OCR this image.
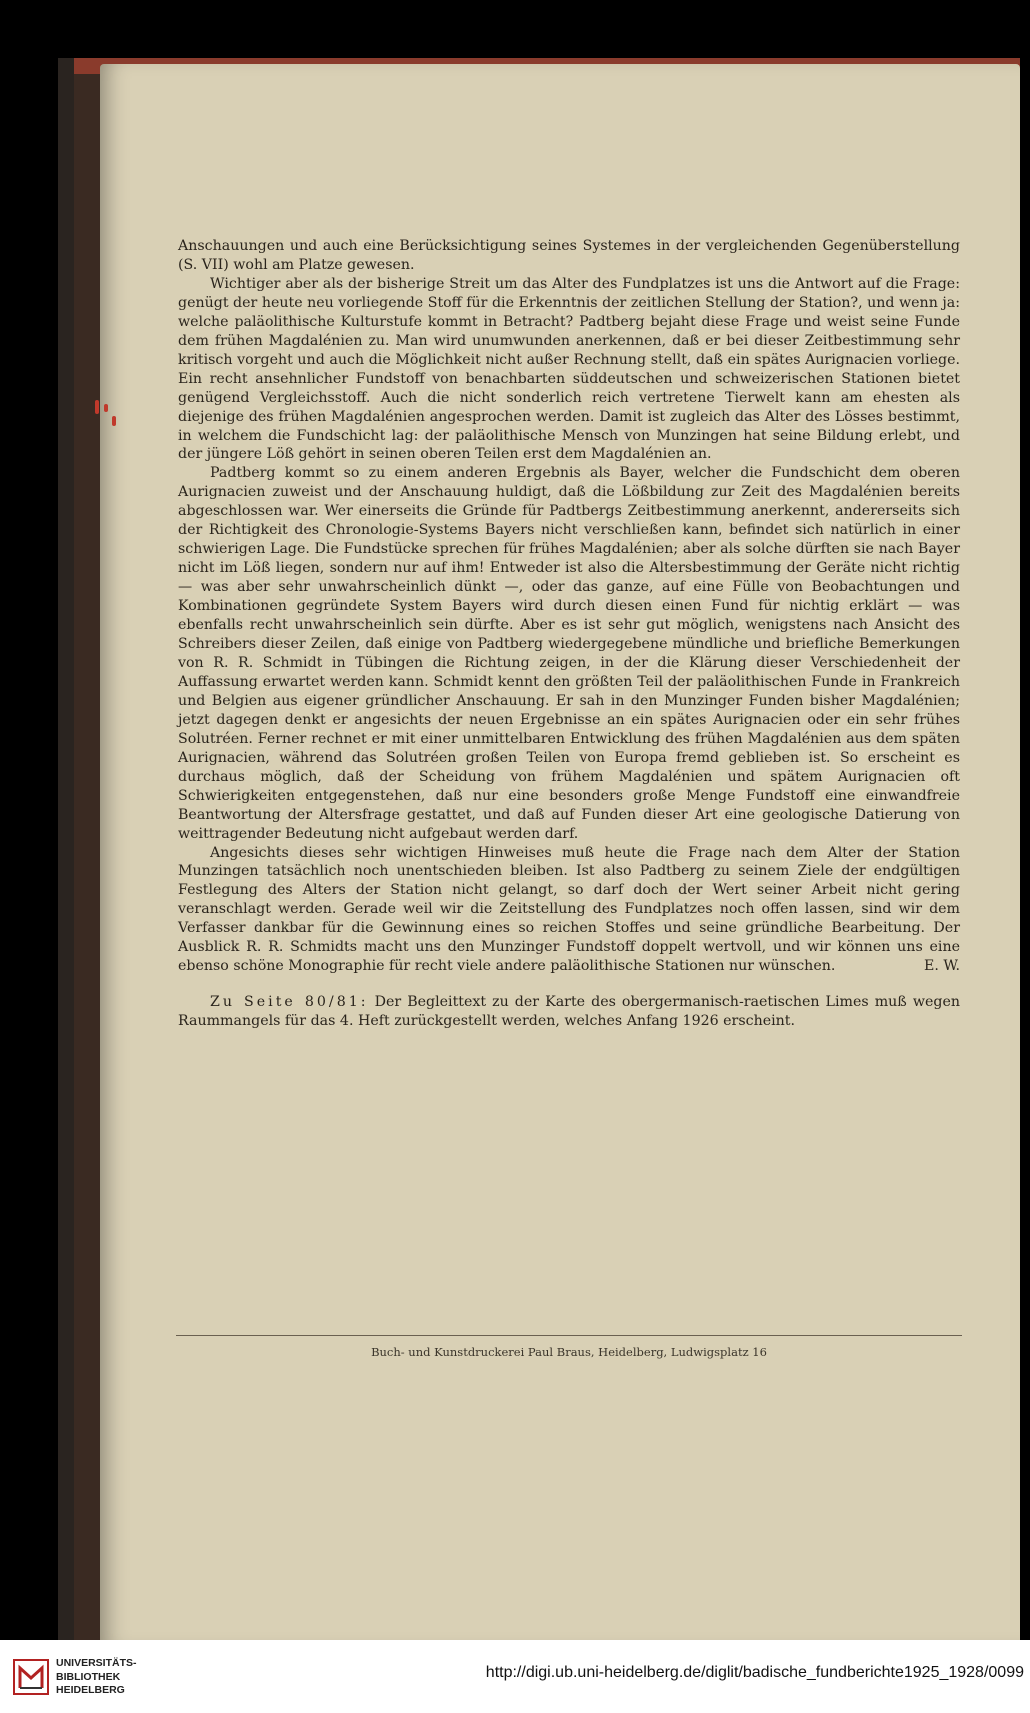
Anschauungen und auch eine Berücksichtigung seines Systemes in der vergleichenden Gegenüberstellung (S. VII) wohl am Platze gewesen.

Wichtiger aber als der bisherige Streit um das Alter des Fundplatzes ist uns die Antwort auf die Frage: genügt der heute neu vorliegende Stoff für die Erkenntnis der zeitlichen Stellung der Station?, und wenn ja: welche paläolithische Kulturstufe kommt in Betracht? Padtberg bejaht diese Frage und weist seine Funde dem frühen Magdalénien zu. Man wird unumwunden anerkennen, daß er bei dieser Zeitbestimmung sehr kritisch vorgeht und auch die Möglichkeit nicht außer Rechnung stellt, daß ein spätes Aurignacien vorliege. Ein recht ansehnlicher Fundstoff von benachbarten süddeutschen und schweizerischen Stationen bietet genügend Vergleichsstoff. Auch die nicht sonderlich reich vertretene Tierwelt kann am ehesten als diejenige des frühen Magdalénien angesprochen werden. Damit ist zugleich das Alter des Lösses bestimmt, in welchem die Fundschicht lag: der paläolithische Mensch von Munzingen hat seine Bildung erlebt, und der jüngere Löß gehört in seinen oberen Teilen erst dem Magdalénien an.

Padtberg kommt so zu einem anderen Ergebnis als Bayer, welcher die Fundschicht dem oberen Aurignacien zuweist und der Anschauung huldigt, daß die Lößbildung zur Zeit des Magdalénien bereits abgeschlossen war. Wer einerseits die Gründe für Padtbergs Zeitbestimmung anerkennt, andererseits sich der Richtigkeit des Chronologie-Systems Bayers nicht verschließen kann, befindet sich natürlich in einer schwierigen Lage. Die Fundstücke sprechen für frühes Magdalénien; aber als solche dürften sie nach Bayer nicht im Löß liegen, sondern nur auf ihm! Entweder ist also die Altersbestimmung der Geräte nicht richtig — was aber sehr unwahrscheinlich dünkt —, oder das ganze, auf eine Fülle von Beobachtungen und Kombinationen gegründete System Bayers wird durch diesen einen Fund für nichtig erklärt — was ebenfalls recht unwahrscheinlich sein dürfte. Aber es ist sehr gut möglich, wenigstens nach Ansicht des Schreibers dieser Zeilen, daß einige von Padtberg wiedergegebene mündliche und briefliche Bemerkungen von R. R. Schmidt in Tübingen die Richtung zeigen, in der die Klärung dieser Verschiedenheit der Auffassung erwartet werden kann. Schmidt kennt den größten Teil der paläolithischen Funde in Frankreich und Belgien aus eigener gründlicher Anschauung. Er sah in den Munzinger Funden bisher Magdalénien; jetzt dagegen denkt er angesichts der neuen Ergebnisse an ein spätes Aurignacien oder ein sehr frühes Solutréen. Ferner rechnet er mit einer unmittelbaren Entwicklung des frühen Magdalénien aus dem späten Aurignacien, während das Solutréen großen Teilen von Europa fremd geblieben ist. So erscheint es durchaus möglich, daß der Scheidung von frühem Magdalénien und spätem Aurignacien oft Schwierigkeiten entgegenstehen, daß nur eine besonders große Menge Fundstoff eine einwandfreie Beantwortung der Altersfrage gestattet, und daß auf Funden dieser Art eine geologische Datierung von weittragender Bedeutung nicht aufgebaut werden darf.

Angesichts dieses sehr wichtigen Hinweises muß heute die Frage nach dem Alter der Station Munzingen tatsächlich noch unentschieden bleiben. Ist also Padtberg zu seinem Ziele der endgültigen Festlegung des Alters der Station nicht gelangt, so darf doch der Wert seiner Arbeit nicht gering veranschlagt werden. Gerade weil wir die Zeitstellung des Fundplatzes noch offen lassen, sind wir dem Verfasser dankbar für die Gewinnung eines so reichen Stoffes und seine gründliche Bearbeitung. Der Ausblick R. R. Schmidts macht uns den Munzinger Fundstoff doppelt wertvoll, und wir können uns eine ebenso schöne Monographie für recht viele andere paläolithische Stationen nur wünschen.	E. W.

Zu Seite 80/81: Der Begleittext zu der Karte des obergermanisch-raetischen Limes muß wegen Raummangels für das 4. Heft zurückgestellt werden, welches Anfang 1926 erscheint.

Buch- und Kunstdruckerei Paul Braus, Heidelberg, Ludwigsplatz 16
UNIVERSITÄTS-
BIBLIOTHEK
HEIDELBERG
http://digi.ub.uni-heidelberg.de/diglit/badische_fundberichte1925_1928/0099
